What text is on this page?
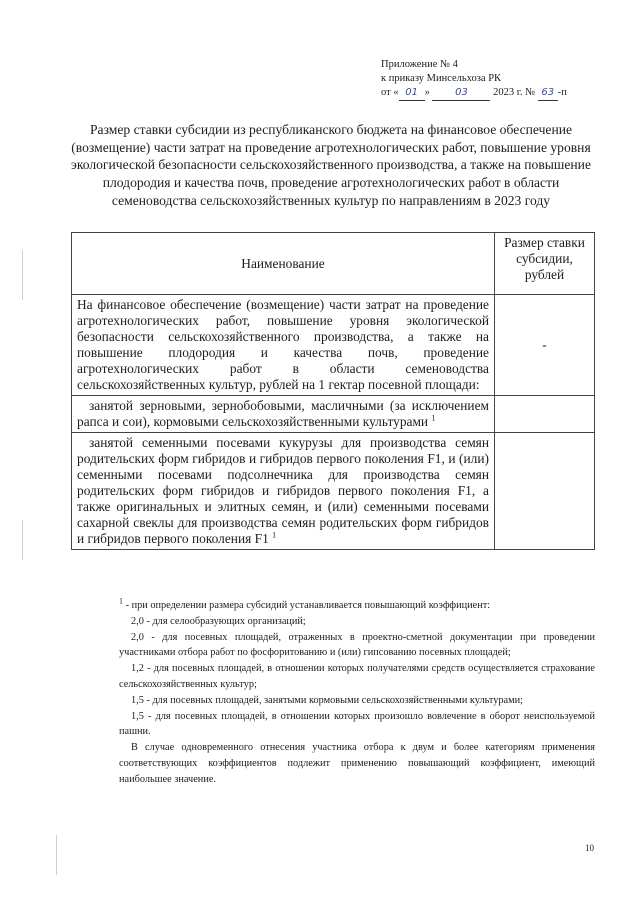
Приложение № 4
к приказу Минсельхоза РК
от « 01 » 03 2023 г. № 63 -п
Размер ставки субсидии из республиканского бюджета на финансовое обеспечение (возмещение) части затрат на проведение агротехнологических работ, повышение уровня экологической безопасности сельскохозяйственного производства, а также на повышение плодородия и качества почв, проведение агротехнологических работ в области семеноводства сельскохозяйственных культур по направлениям в 2023 году
Наименование	Размер ставки субсидии, рублей
На финансовое обеспечение (возмещение) части затрат на проведение агротехнологических работ, повышение уровня экологической безопасности сельскохозяйственного производства, а также на повышение плодородия и качества почв, проведение агротехнологических работ в области семеноводства сельскохозяйственных культур, рублей на 1 гектар посевной площади:	-
занятой зерновыми, зернобобовыми, масличными (за исключением рапса и сои), кормовыми сельскохозяйственными культурами $^1$	
занятой семенными посевами кукурузы для производства семян родительских форм гибридов и гибридов первого поколения F1, и (или) семенными посевами подсолнечника для производства семян родительских форм гибридов и гибридов первого поколения F1, а также оригинальных и элитных семян, и (или) семенными посевами сахарной свеклы для производства семян родительских форм гибридов и гибридов первого поколения F1 $^1$	

$^1$ - при определении размера субсидий устанавливается повышающий коэффициент:

2,0 - для селообразующих организаций;

2,0 - для посевных площадей, отраженных в проектно-сметной документации при проведении участниками отбора работ по фосфоритованию и (или) гипсованию посевных площадей;

1,2 - для посевных площадей, в отношении которых получателями средств осуществляется страхование сельскохозяйственных культур;

1,5 - для посевных площадей, занятыми кормовыми сельскохозяйственными культурами;

1,5 - для посевных площадей, в отношении которых произошло вовлечение в оборот неиспользуемой пашни.

В случае одновременного отнесения участника отбора к двум и более категориям применения соответствующих коэффициентов подлежит применению повышающий коэффициент, имеющий наибольшее значение.

10
